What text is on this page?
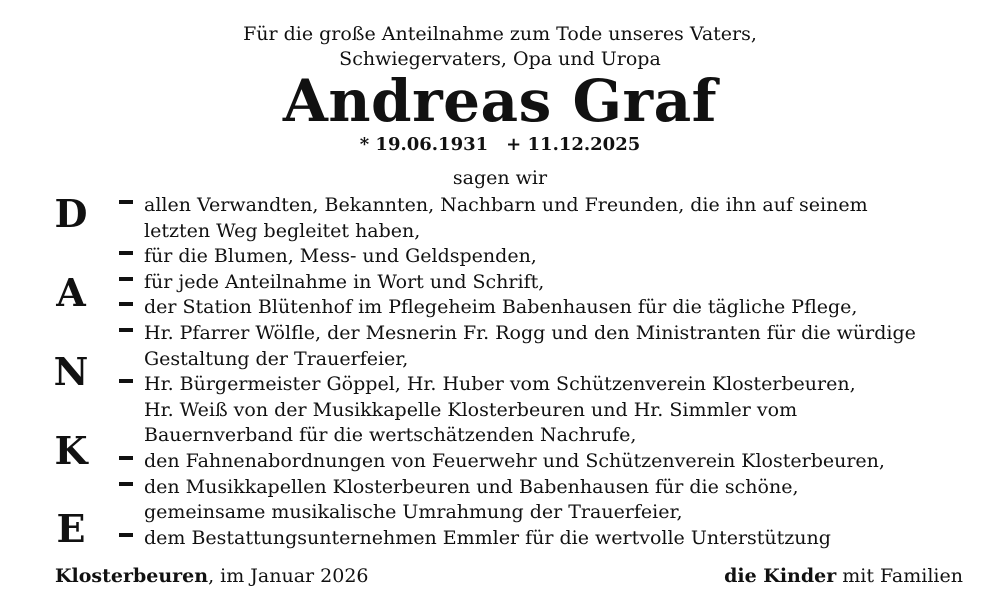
Für die große Anteilnahme zum Tode unseres Vaters,
Schwiegervaters, Opa und Uropa
Andreas Graf
* 19.06.1931 + 11.12.2025
sagen wir
D
A
N
K
E
allen Verwandten, Bekannten, Nachbarn und Freunden, die ihn auf seinem
letzten Weg begleitet haben,
für die Blumen, Mess- und Geldspenden,
für jede Anteilnahme in Wort und Schrift,
der Station Blütenhof im Pflegeheim Babenhausen für die tägliche Pflege,
Hr. Pfarrer Wölfle, der Mesnerin Fr. Rogg und den Ministranten für die würdige
Gestaltung der Trauerfeier,
Hr. Bürgermeister Göppel, Hr. Huber vom Schützenverein Klosterbeuren,
Hr. Weiß von der Musikkapelle Klosterbeuren und Hr. Simmler vom
Bauernverband für die wertschätzenden Nachrufe,
den Fahnenabordnungen von Feuerwehr und Schützenverein Klosterbeuren,
den Musikkapellen Klosterbeuren und Babenhausen für die schöne,
gemeinsame musikalische Umrahmung der Trauerfeier,
dem Bestattungsunternehmen Emmler für die wertvolle Unterstützung
Klosterbeuren, im Januar 2026	die Kinder mit Familien
